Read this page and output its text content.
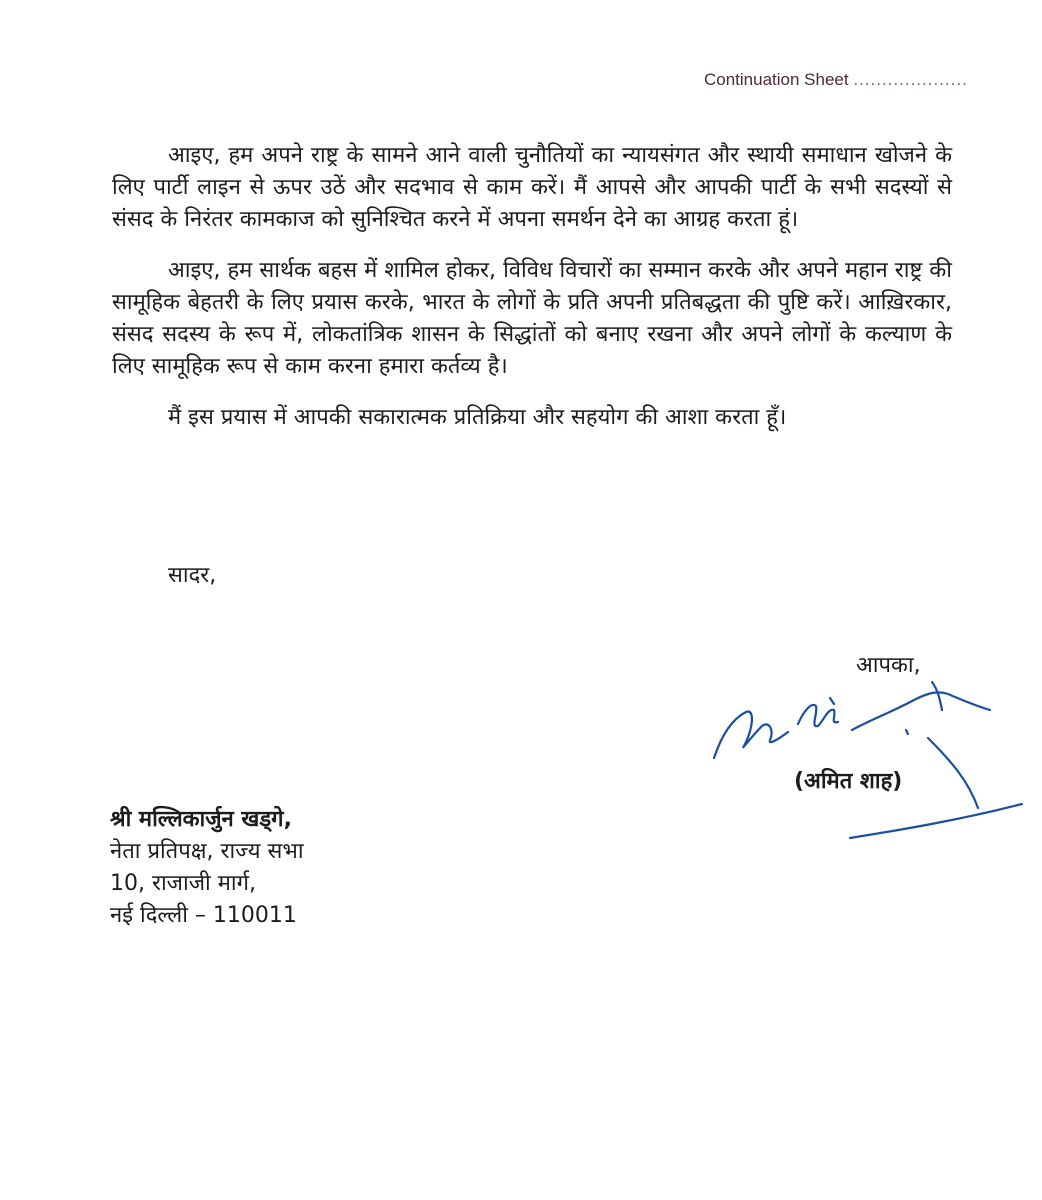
Continuation Sheet ....................

आइए, हम अपने राष्ट्र के सामने आने वाली चुनौतियों का न्यायसंगत और स्थायी समाधान खोजने के लिए पार्टी लाइन से ऊपर उठें और सदभाव से काम करें। मैं आपसे और आपकी पार्टी के सभी सदस्यों से संसद के निरंतर कामकाज को सुनिश्चित करने में अपना समर्थन देने का आग्रह करता हूं।

आइए, हम सार्थक बहस में शामिल होकर, विविध विचारों का सम्मान करके और अपने महान राष्ट्र की सामूहिक बेहतरी के लिए प्रयास करके, भारत के लोगों के प्रति अपनी प्रतिबद्धता की पुष्टि करें। आख़िरकार, संसद सदस्य के रूप में, लोकतांत्रिक शासन के सिद्धांतों को बनाए रखना और अपने लोगों के कल्याण के लिए सामूहिक रूप से काम करना हमारा कर्तव्य है।

मैं इस प्रयास में आपकी सकारात्मक प्रतिक्रिया और सहयोग की आशा करता हूँ।

सादर,
आपका,
(अमित शाह)
श्री मल्लिकार्जुन खड्गे,
नेता प्रतिपक्ष, राज्य सभा
10, राजाजी मार्ग,
नई दिल्ली – 110011
